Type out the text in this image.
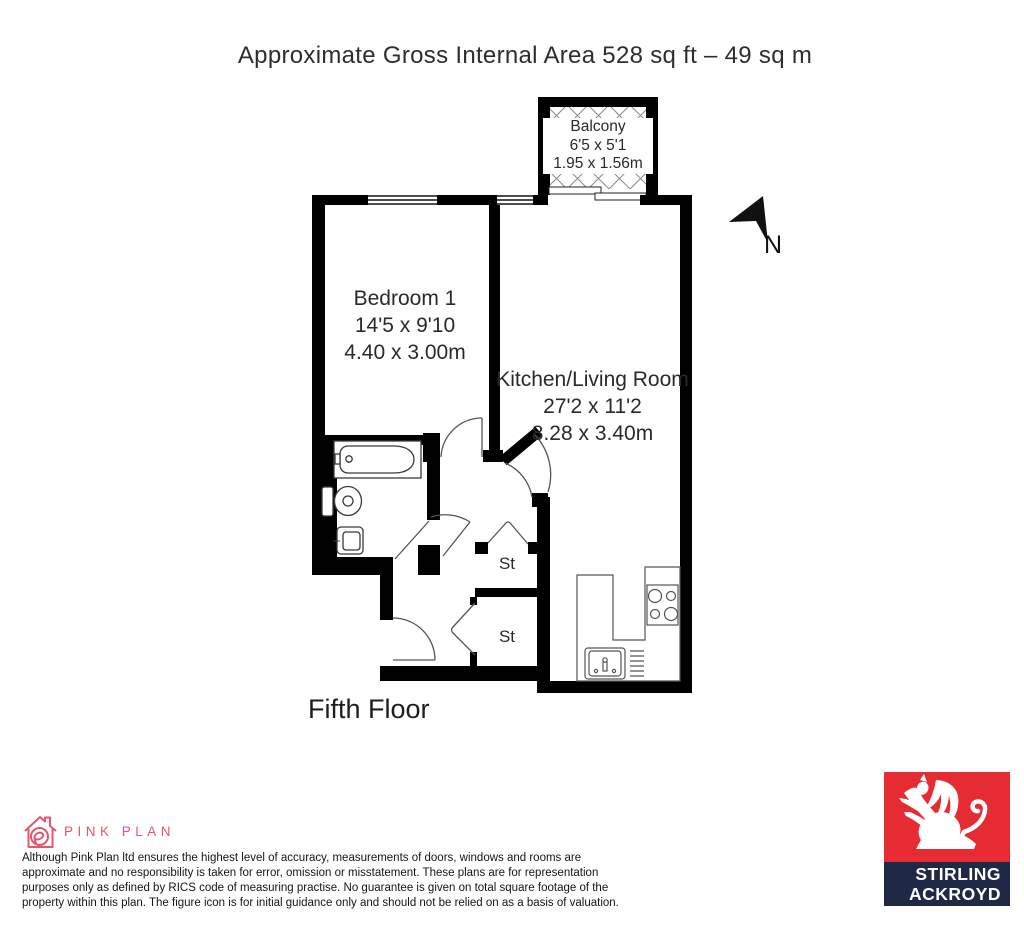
Approximate Gross Internal Area 528 sq ft – 49 sq m
Balcony
6'5 x 5'1
1.95 x 1.56m
Bedroom 1
14'5 x 9'10
4.40 x 3.00m
Kitchen/Living Room
27'2 x 11'2
8.28 x 3.40m
St
St
Fifth Floor
N
PINK PLAN
Although Pink Plan ltd ensures the highest level of accuracy, measurements of doors, windows and rooms are
approximate and no responsibility is taken for error, omission or misstatement. These plans are for representation
purposes only as defined by RICS code of measuring practise. No guarantee is given on total square footage of the
property within this plan. The figure icon is for initial guidance only and should not be relied on as a basis of valuation.
STIRLING
ACKROYD
